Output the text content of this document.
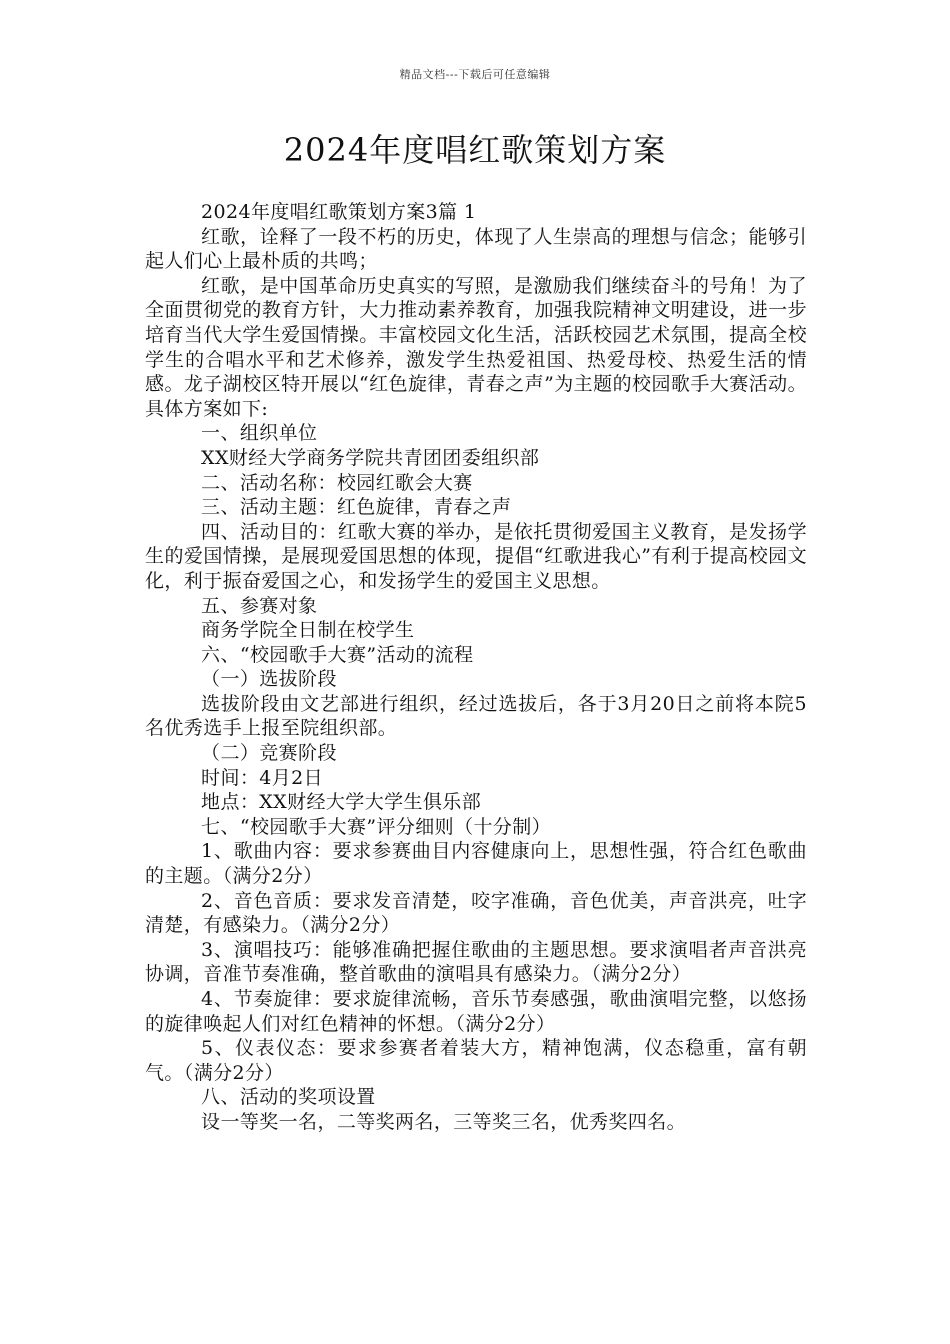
精品文档---下载后可任意编辑
2024年度唱红歌策划方案

2024年度唱红歌策划方案3篇 1

红歌，诠释了一段不朽的历史，体现了人生崇高的理想与信念；能够引起人们心上最朴质的共鸣；

红歌，是中国革命历史真实的写照，是激励我们继续奋斗的号角！为了全面贯彻党的教育方针，大力推动素养教育，加强我院精神文明建设，进一步培育当代大学生爱国情操。丰富校园文化生活，活跃校园艺术氛围，提高全校学生的合唱水平和艺术修养，激发学生热爱祖国、热爱母校、热爱生活的情感。龙子湖校区特开展以“红色旋律，青春之声”为主题的校园歌手大赛活动。具体方案如下:

一、组织单位

XX财经大学商务学院共青团团委组织部

二、活动名称：校园红歌会大赛

三、活动主题：红色旋律，青春之声

四、活动目的：红歌大赛的举办，是依托贯彻爱国主义教育，是发扬学生的爱国情操，是展现爱国思想的体现，提倡“红歌进我心”有利于提高校园文化，利于振奋爱国之心，和发扬学生的爱国主义思想。

五、参赛对象

商务学院全日制在校学生

六、“校园歌手大赛”活动的流程

（一）选拔阶段

选拔阶段由文艺部进行组织，经过选拔后，各于3月20日之前将本院5名优秀选手上报至院组织部。

（二）竞赛阶段

时间：4月2日

地点：XX财经大学大学生俱乐部

七、“校园歌手大赛”评分细则（十分制）

1、歌曲内容：要求参赛曲目内容健康向上，思想性强，符合红色歌曲的主题。（满分2分）

2、音色音质：要求发音清楚，咬字准确，音色优美，声音洪亮，吐字清楚，有感染力。（满分2分）

3、演唱技巧：能够准确把握住歌曲的主题思想。要求演唱者声音洪亮协调，音准节奏准确，整首歌曲的演唱具有感染力。（满分2分）

4、节奏旋律：要求旋律流畅，音乐节奏感强，歌曲演唱完整，以悠扬的旋律唤起人们对红色精神的怀想。（满分2分）

5、仪表仪态：要求参赛者着装大方，精神饱满，仪态稳重，富有朝气。（满分2分）

八、活动的奖项设置

设一等奖一名，二等奖两名，三等奖三名，优秀奖四名。
